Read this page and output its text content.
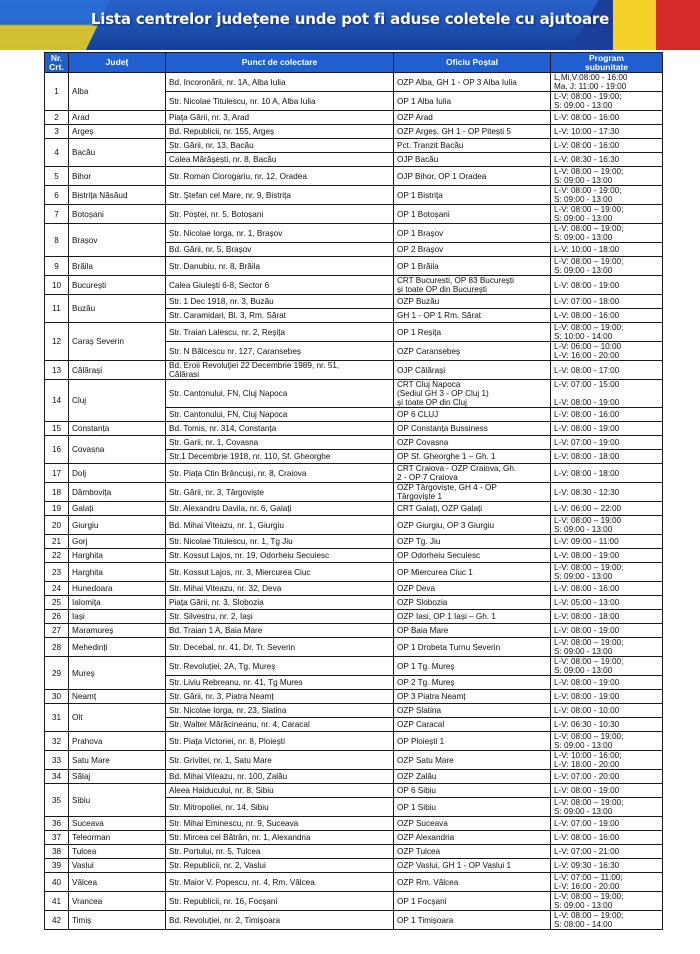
Lista centrelor județene unde pot fi aduse coletele cu ajutoare
Nr.
Crt.	Județ	Punct de colectare	Oficiu Poștal	Program
subunitate
1	Alba	Bd. Incoronării, nr. 1A, Alba Iulia	OZP Alba, GH 1 - OP 3 Alba Iulia	L,Mi,V:08:00 - 16:00
Ma, J: 11:00 - 19:00
		Str. Nicolae Titulescu, nr. 10 A, Alba Iulia	OP 1 Alba Iulia	L-V: 08:00 - 19:00;
S: 09:00 - 13:00
2	Arad	Piața Gării, nr. 3, Arad	OZP Arad	L-V: 08:00 - 16:00
3	Argeș	Bd. Republicii, nr. 155, Argeș	OZP Argeș, GH 1 - OP Pitești 5	L-V: 10:00 - 17:30
4	Bacău	Str. Gării, nr. 13, Bacău	Pct. Tranzit Bacău	L-V: 08:00 - 16:00
		Calea Mărășești, nr. 8, Bacău	OJP Bacău	L-V: 08:30 - 16:30
5	Bihor	Str. Roman Ciorogariu, nr. 12, Oradea	OJP Bihor, OP 1 Oradea	L-V: 08:00 – 19:00;
S: 09:00 - 13:00
6	Bistrița Năsăud	Str. Ștefan cel Mare, nr. 9, Bistrița	OP 1 Bistrița	L-V: 08:00 - 19:00;
S: 09:00 - 13:00
7	Botoșani	Str. Poștei, nr. 5, Botoșani	OP 1 Botoșani	L-V: 08:00 – 19:00;
S: 09:00 - 13:00
8	Brașov	Str. Nicolae Iorga, nr. 1, Brașov	OP 1 Brașov	L-V: 08:00 – 19:00;
S: 09:00 - 13:00
		Bd. Gării, nr. 5, Brașov	OP 2 Brașov	L-V: 10:00 - 18:00
9	Brăila	Str. Danubiu, nr. 8, Brăila	OP 1 Brăila	L-V: 08:00 – 19:00;
S: 09:00 - 13:00
10	București	Calea Giulești 6-8, Sector 6	CRT Bucuresti, OP 83 București
și toate OP din București	L-V: 08:00 - 19:00
11	Buzău	Str. 1 Dec 1918, nr. 3, Buzău	OZP Buzău	L-V: 07:00 - 18:00
		Str. Caramidari, Bl. 3, Rm. Sărat	GH 1 - OP 1 Rm. Sărat	L-V: 08:00 - 16:00
12	Caraș Severin	Str. Traian Lalescu, nr. 2, Reșița	OP 1 Reșița	L-V: 08:00 – 19:00;
S: 10:00 - 14:00
		Str. N Bălcescu nr. 127, Caransebeș	OZP Caransebeș	L-V: 06:00 – 10:00
L-V: 16:00 - 20:00
13	Călărași	Bd. Eroii Revoluției 22 Decembrie 1989, nr. 51,
Călărasi	OJP Călărași	L-V: 08:00 - 17:00
14	Cluj	Str. Cantonului, FN, Cluj Napoca	CRT Cluj Napoca
(Sediul GH 3 - OP Cluj 1)
și toate OP din Cluj	L-V: 07:00 - 15:00

L-V: 08:00 - 19:00
		Str. Cantonului, FN, Cluj Napoca	OP 6 CLUJ	L-V: 08:00 - 16:00
15	Constanța	Bd. Tomis, nr. 314, Constanța	OP Constanța Bussiness	L-V: 08:00 - 19:00
16	Covasna	Str. Garii, nr. 1, Covasna	OZP Covasna	L-V: 07:00 - 19:00
		Str.1 Decembrie 1918, nr. 110, Sf. Gheorghe	OP Sf. Gheorghe 1 – Gh. 1	L-V: 08:00 - 18:00
17	Dolj	Str. Piața Ctin Brâncuși, nr. 8, Craiova	CRT Craiova - OZP Craiova, Gh.
2 - OP 7 Craiova	L-V: 08:00 - 18:00
18	Dâmbovița	Str. Gării, nr. 3, Târgoviște	OZP Târgoviște, GH 4 - OP
Târgoviște 1	L-V: 08:30 - 12:30
19	Galați	Str. Alexandru Davila, nr. 6, Galați	CRT Galați, OZP Galați	L-V: 06:00 – 22:00
20	Giurgiu	Bd. Mihai Viteazu, nr. 1, Giurgiu	OZP Giurgiu, OP 3 Giurgiu	L-V: 08:00 – 19:00
S: 09:00 - 13:00
21	Gorj	Str. Nicolae Titulescu, nr. 1, Tg Jiu	OZP Tg. Jiu	L-V: 09:00 - 11:00
22	Harghita	Str. Kossut Lajos, nr. 19, Odorheiu Secuiesc	OP Odorheiu Secuiesc	L-V: 08:00 - 19:00
23	Harghita	Str. Kossut Lajos, nr. 3, Miercurea Ciuc	OP Miercurea Ciuc 1	L-V: 08:00 – 19:00;
S: 09:00 - 13:00
24	Hunedoara	Str. Mihai Viteazu, nr. 32, Deva	OZP Deva	L-V: 08:00 - 16:00
25	Ialomița	Piața Gării, nr. 3, Slobozia	OZP Slobozia	L-V: 05:00 - 13:00
26	Iași	Str. Silvestru, nr. 2, Iași	OZP Iasi, OP 1 Iași – Gh. 1	L-V: 08:00 - 18:00
27	Maramureș	Bd. Traian 1 A, Baia Mare	OP Baia Mare	L-V: 08:00 - 19:00
28	Mehedinți	Str. Decebal, nr. 41, Dr. Tr. Severin	OP 1 Drobeta Turnu Severin	L-V: 08:00 – 19:00;
S: 09:00 - 13:00
29	Mureș	Str. Revoluției, 2A, Tg. Mureș	OP 1 Tg. Mureș	L-V: 08:00 – 19:00;
S: 09:00 - 13:00
		Str. Liviu Rebreanu, nr. 41, Tg Mures	OP 2 Tg. Mureș	L-V: 08:00 - 19:00
30	Neamț	Str. Gării, nr. 3, Piatra Neamț	OP 3 Piatra Neamț	L-V: 08:00 - 19:00
31	Olt	Str. Nicolae Iorga, nr. 23, Slatina	OZP Slatina	L-V: 08:00 - 10:00
		Str. Walter Mărăcineanu, nr. 4, Caracal	OZP Caracal	L-V: 06:30 - 10:30
32	Prahova	Str. Piața Victoriei, nr. 8, Ploiești	OP Ploiești 1	L-V: 08:00 – 19:00;
S: 09:00 - 13:00
33	Satu Mare	Str. Grivitei, nr. 1, Satu Mare	OZP Satu Mare	L-V: 10:00 - 16:00;
L-V: 18:00 - 20:00
34	Sălaj	Bd. Mihai Viteazu, nr. 100, Zalău	OZP Zalău	L-V: 07:00 - 20:00
35	Sibiu	Aleea Haiducului, nr. 8, Sibiu	OP 6 Sibiu	L-V: 08:00 - 19:00
		Str. Mitropoliei, nr. 14, Sibiu	OP 1 Sibiu	L-V: 08:00 – 19:00;
S: 09:00 - 13:00
36	Suceava	Str. Mihai Eminescu, nr. 9, Suceava	OZP Suceava	L-V: 07:00 - 19:00
37	Teleorman	Str. Mircea cel Bătrân, nr. 1, Alexandria	OZP Alexandria	L-V: 08:00 - 16:00
38	Tulcea	Str. Portului, nr. 5, Tulcea	OZP Tulcea	L-V: 07:00 - 21:00
39	Vaslui	Str. Republicii, nr. 2, Vaslui	OZP Vaslui, GH 1 - OP Vaslui 1	L-V: 09:30 - 16:30
40	Vâlcea	Str. Maior V. Popescu, nr. 4, Rm. Vâlcea	OZP Rm. Vâlcea	L-V: 07:00 – 11:00;
L-V: 16:00 - 20:00
41	Vrancea	Str. Republicii, nr. 16, Focșani	OP 1 Focșani	L-V: 08:00 – 19:00;
S: 09:00 - 13:00
42	Timiș	Bd. Revoluției, nr. 2, Timișoara	OP 1 Timișoara	L-V: 08:00 – 19:00;
S: 08:00 - 14:00
